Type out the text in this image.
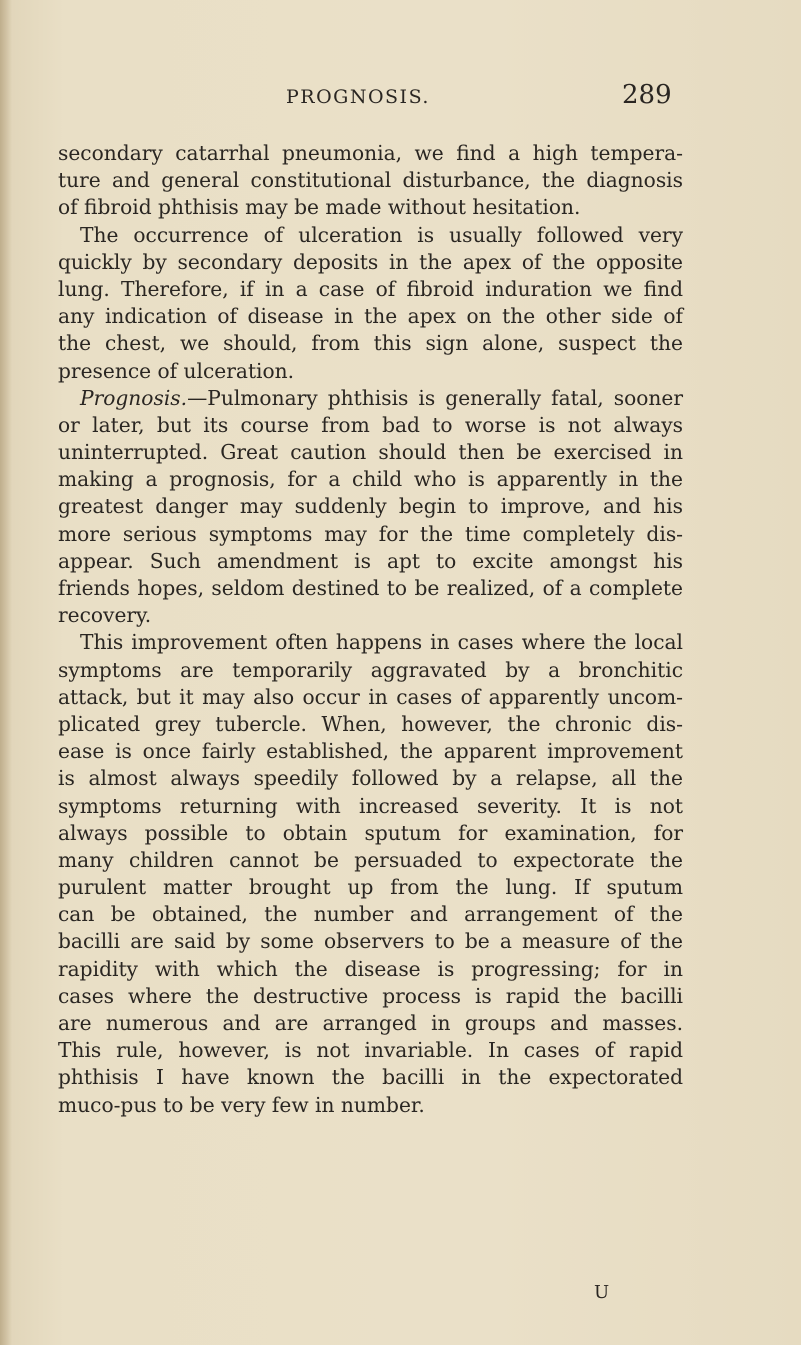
PROGNOSIS.	289
secondary catarrhal pneumonia, we find a high tempera-
ture and general constitutional disturbance, the diagnosis
of fibroid phthisis may be made without hesitation.
The occurrence of ulceration is usually followed very
quickly by secondary deposits in the apex of the opposite
lung. Therefore, if in a case of fibroid induration we find
any indication of disease in the apex on the other side of
the chest, we should, from this sign alone, suspect the
presence of ulceration.
Prognosis.—Pulmonary phthisis is generally fatal, sooner
or later, but its course from bad to worse is not always
uninterrupted. Great caution should then be exercised in
making a prognosis, for a child who is apparently in the
greatest danger may suddenly begin to improve, and his
more serious symptoms may for the time completely dis-
appear. Such amendment is apt to excite amongst his
friends hopes, seldom destined to be realized, of a complete
recovery.
This improvement often happens in cases where the local
symptoms are temporarily aggravated by a bronchitic
attack, but it may also occur in cases of apparently uncom-
plicated grey tubercle. When, however, the chronic dis-
ease is once fairly established, the apparent improvement
is almost always speedily followed by a relapse, all the
symptoms returning with increased severity. It is not
always possible to obtain sputum for examination, for
many children cannot be persuaded to expectorate the
purulent matter brought up from the lung. If sputum
can be obtained, the number and arrangement of the
bacilli are said by some observers to be a measure of the
rapidity with which the disease is progressing; for in
cases where the destructive process is rapid the bacilli
are numerous and are arranged in groups and masses.
This rule, however, is not invariable. In cases of rapid
phthisis I have known the bacilli in the expectorated
muco-pus to be very few in number.
U
